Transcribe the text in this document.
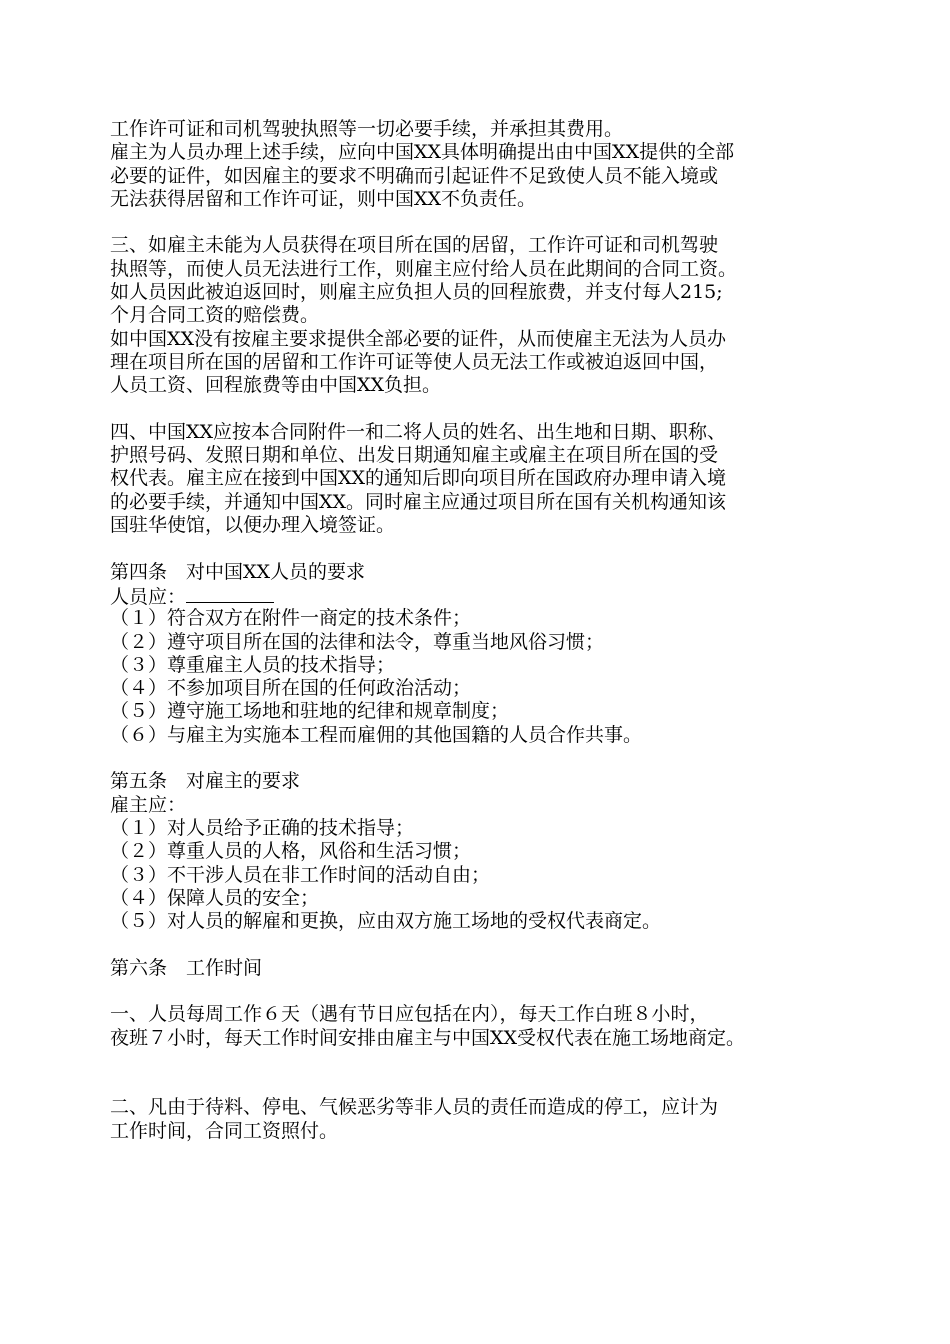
工作许可证和司机驾驶执照等一切必要手续，并承担其费用。
雇主为人员办理上述手续，应向中国XX具体明确提出由中国XX提供的全部
必要的证件，如因雇主的要求不明确而引起证件不足致使人员不能入境或
无法获得居留和工作许可证，则中国XX不负责任。
三、如雇主未能为人员获得在项目所在国的居留，工作许可证和司机驾驶
执照等，而使人员无法进行工作，则雇主应付给人员在此期间的合同工资。
如人员因此被迫返回时，则雇主应负担人员的回程旅费，并支付每人215;
个月合同工资的赔偿费。
如中国XX没有按雇主要求提供全部必要的证件，从而使雇主无法为人员办
理在项目所在国的居留和工作许可证等使人员无法工作或被迫返回中国，
人员工资、回程旅费等由中国XX负担。
四、中国XX应按本合同附件一和二将人员的姓名、出生地和日期、职称、
护照号码、发照日期和单位、出发日期通知雇主或雇主在项目所在国的受
权代表。雇主应在接到中国XX的通知后即向项目所在国政府办理申请入境
的必要手续，并通知中国XX。同时雇主应通过项目所在国有关机构通知该
国驻华使馆，以便办理入境签证。
第四条　对中国XX人员的要求
人员应：
（１）符合双方在附件一商定的技术条件；
（２）遵守项目所在国的法律和法令，尊重当地风俗习惯；
（３）尊重雇主人员的技术指导；
（４）不参加项目所在国的任何政治活动；
（５）遵守施工场地和驻地的纪律和规章制度；
（６）与雇主为实施本工程而雇佣的其他国籍的人员合作共事。
第五条　对雇主的要求
雇主应：
（１）对人员给予正确的技术指导；
（２）尊重人员的人格，风俗和生活习惯；
（３）不干涉人员在非工作时间的活动自由；
（４）保障人员的安全；
（５）对人员的解雇和更换，应由双方施工场地的受权代表商定。
第六条　工作时间
一、人员每周工作６天（遇有节日应包括在内），每天工作白班８小时，
夜班７小时，每天工作时间安排由雇主与中国XX受权代表在施工场地商定。
二、凡由于待料、停电、气候恶劣等非人员的责任而造成的停工，应计为
工作时间，合同工资照付。
